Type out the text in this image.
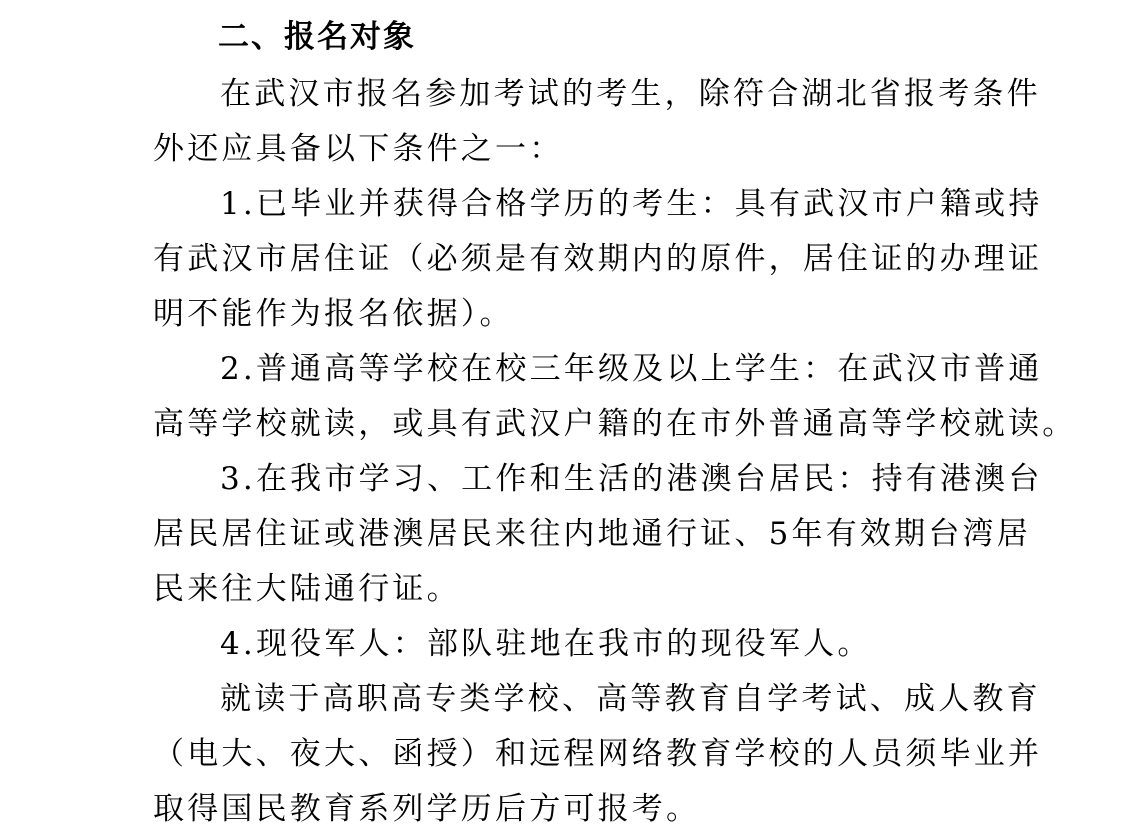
二、报名对象
在武汉市报名参加考试的考生，除符合湖北省报考条件
外还应具备以下条件之一：
1.已毕业并获得合格学历的考生：具有武汉市户籍或持
有武汉市居住证（必须是有效期内的原件，居住证的办理证
明不能作为报名依据）。
2.普通高等学校在校三年级及以上学生：在武汉市普通
高等学校就读，或具有武汉户籍的在市外普通高等学校就读。
3.在我市学习、工作和生活的港澳台居民：持有港澳台
居民居住证或港澳居民来往内地通行证、5年有效期台湾居
民来往大陆通行证。
4.现役军人：部队驻地在我市的现役军人。
就读于高职高专类学校、高等教育自学考试、成人教育
（电大、夜大、函授）和远程网络教育学校的人员须毕业并
取得国民教育系列学历后方可报考。
